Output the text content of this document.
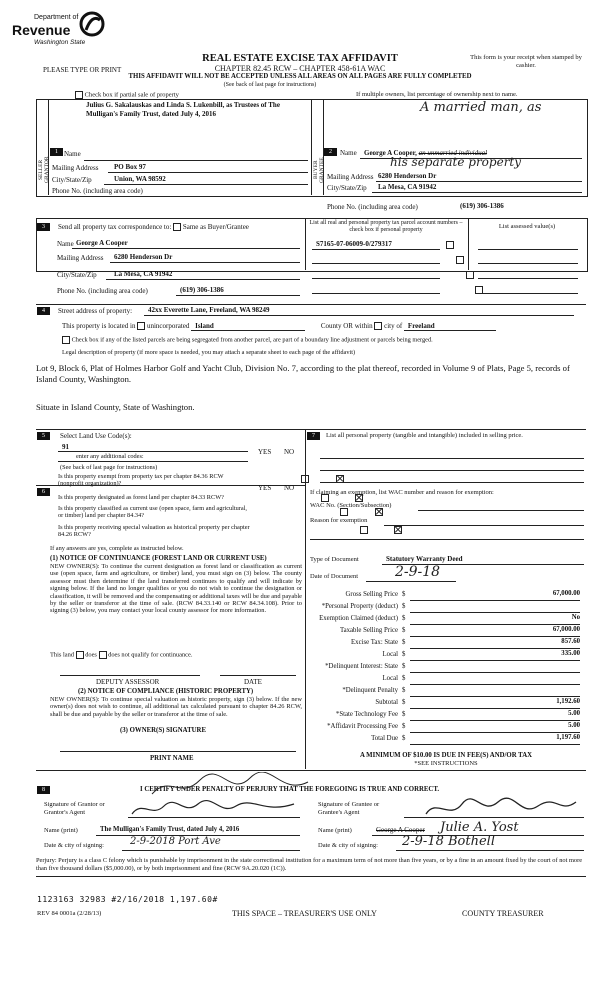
Department of
Revenue
Washington State
REAL ESTATE EXCISE TAX AFFIDAVIT
CHAPTER 82.45 RCW – CHAPTER 458-61A WAC
PLEASE TYPE OR PRINT
This form is your receipt when stamped by cashier.
THIS AFFIDAVIT WILL NOT BE ACCEPTED UNLESS ALL AREAS ON ALL PAGES ARE FULLY COMPLETED
(See back of last page for instructions)
Check box if partial sale of property	If multiple owners, list percentage of ownership next to name.
SELLER GRANTOR	BUYER GRANTEE
1 Name
Julius G. Sakalauskas and Linda S. Lukenbill, as Trustees of The Mulligan's Family Trust, dated July 4, 2016
Mailing Address PO Box 97
City/State/Zip	Union, WA 98592
Phone No. (including area code)
A married man, as
2	Name George A Cooper, an unmarried individual
his separate property
Mailing Address 6280 Henderson Dr
City/State/Zip La Mesa, CA 91942
Phone No. (including area code)	(619) 306-1386
3	Send all property tax correspondence to: Same as Buyer/Grantee
Name George A Cooper
Mailing Address 6280 Henderson Dr
List all real and personal property tax parcel account numbers – check box if personal property	List assessed value(s)
S7165-07-06009-0/279317

City/State/Zip La Mesa, CA 91942

Phone No. (including area code)	(619) 306-1386

4	Street address of property: 42xx Everette Lane, Freeland, WA 98249
This property is located in unincorporated Island	County OR within city of Freeland
Check box if any of the listed parcels are being segregated from another parcel, are part of a boundary line adjustment or parcels being merged.
Legal description of property (if more space is needed, you may attach a separate sheet to each page of the affidavit)
Lot 9, Block 6, Plat of Holmes Harbor Golf and Yacht Club, Division No. 7, according to the plat thereof, recorded in Volume 9 of Plats, Page 5, records of Island County, Washington.
Situate in Island County, State of Washington.
5	Select Land Use Code(s):
91
enter any additional codes:
(See back of last page for instructions)
YES NO
Is this property exempt from property tax per chapter 84.36 RCW (nonprofit organization)?

6	YES NO
Is this property designated as forest land per chapter 84.33 RCW?

Is this property classified as current use (open space, farm and agricultural, or timber) land per chapter 84.34?

Is this property receiving special valuation as historical property per chapter 84.26 RCW?

If any answers are yes, complete as instructed below.
(1) NOTICE OF CONTINUANCE (FOREST LAND OR CURRENT USE)
NEW OWNER(S): To continue the current designation as forest land or classification as current use (open space, farm and agriculture, or timber) land, you must sign on (3) below. The county assessor must then determine if the land transferred continues to qualify and will indicate by signing below. If the land no longer qualifies or you do not wish to continue the designation or classification, it will be removed and the compensating or additional taxes will be due and payable by the seller or transferor at the time of sale. (RCW 84.33.140 or RCW 84.34.108). Prior to signing (3) below, you may contact your local county assessor for more information.
This land does does not qualify for continuance.
DEPUTY ASSESSOR	DATE
(2) NOTICE OF COMPLIANCE (HISTORIC PROPERTY)
NEW OWNER(S): To continue special valuation as historic property, sign (3) below. If the new owner(s) does not wish to continue, all additional tax calculated pursuant to chapter 84.26 RCW, shall be due and payable by the seller or transferor at the time of sale.
(3) OWNER(S) SIGNATURE
PRINT NAME
7	List all personal property (tangible and intangible) included in selling price.
If claiming an exemption, list WAC number and reason for exemption:
WAC No. (Section/Subsection)
Reason for exemption
Type of Document	Statutory Warranty Deed
Date of Document	2-9-18
Gross Selling Price $	67,000.00
*Personal Property (deduct) $
Exemption Claimed (deduct) $	No
Taxable Selling Price $	67,000.00
Excise Tax: State $	857.60
Local $	335.00
*Delinquent Interest: State $
Local $
*Delinquent Penalty $
Subtotal $	1,192.60
*State Technology Fee $	5.00
*Affidavit Processing Fee $	5.00
Total Due $	1,197.60
A MINIMUM OF $10.00 IS DUE IN FEE(S) AND/OR TAX
*SEE INSTRUCTIONS
8	I CERTIFY UNDER PENALTY OF PERJURY THAT THE FOREGOING IS TRUE AND CORRECT.
Signature of Grantor or Grantor's Agent
Name (print)	The Mulligan's Family Trust, dated July 4, 2016
Date & city of signing:	2-9-2018 Port Ave
Signature of Grantee or Grantee's Agent
Name (print)	George A Cooper Julie A. Yost
Date & city of signing: 2-9-18 Bothell
Perjury: Perjury is a class C felony which is punishable by imprisonment in the state correctional institution for a maximum term of not more than five years, or by a fine in an amount fixed by the court of not more than five thousand dollars ($5,000.00), or by both imprisonment and fine (RCW 9A.20.020 (1C)).
1123163 32983 #2/16/2018 1,197.60#
REV 84 0001a (2/28/13)	THIS SPACE – TREASURER'S USE ONLY	COUNTY TREASURER
